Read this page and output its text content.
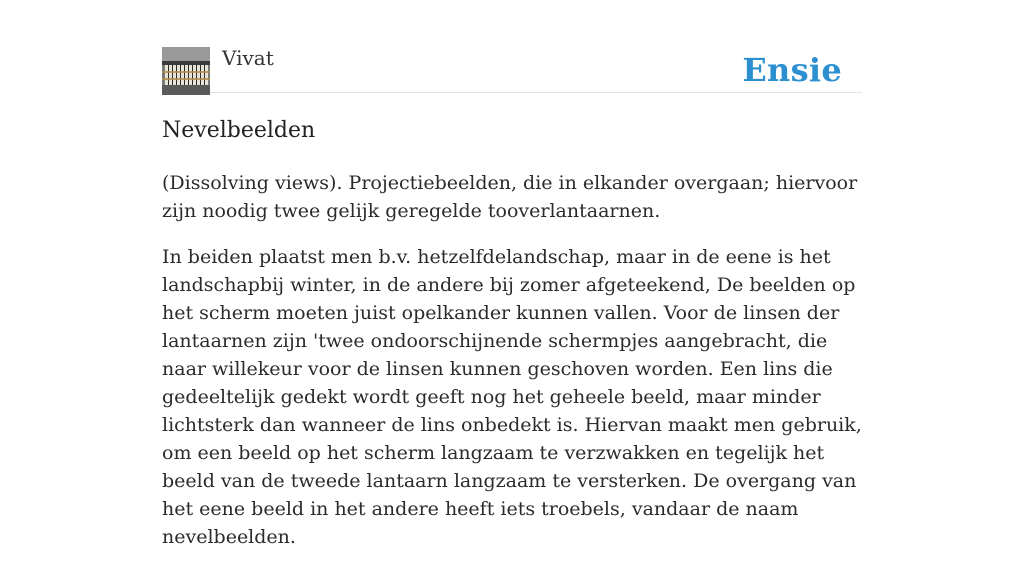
Vivat	Ensie
Nevelbeelden

(Dissolving views). Projectiebeelden, die in elkander overgaan; hiervoor zijn noodig twee gelijk geregelde tooverlantaarnen.

In beiden plaatst men b.v. hetzelfdelandschap, maar in de eene is het landschapbij winter, in de andere bij zomer afgeteekend, De beelden op het scherm moeten juist opelkander kunnen vallen. Voor de linsen der lantaarnen zijn 'twee ondoorschijnende schermpjes aangebracht, die naar willekeur voor de linsen kunnen geschoven worden. Een lins die gedeeltelijk gedekt wordt geeft nog het geheele beeld, maar minder lichtsterk dan wanneer de lins onbedekt is. Hiervan maakt men gebruik, om een beeld op het scherm langzaam te verzwakken en tegelijk het beeld van de tweede lantaarn langzaam te versterken. De overgang van het eene beeld in het andere heeft iets troebels, vandaar de naam nevelbeelden.
